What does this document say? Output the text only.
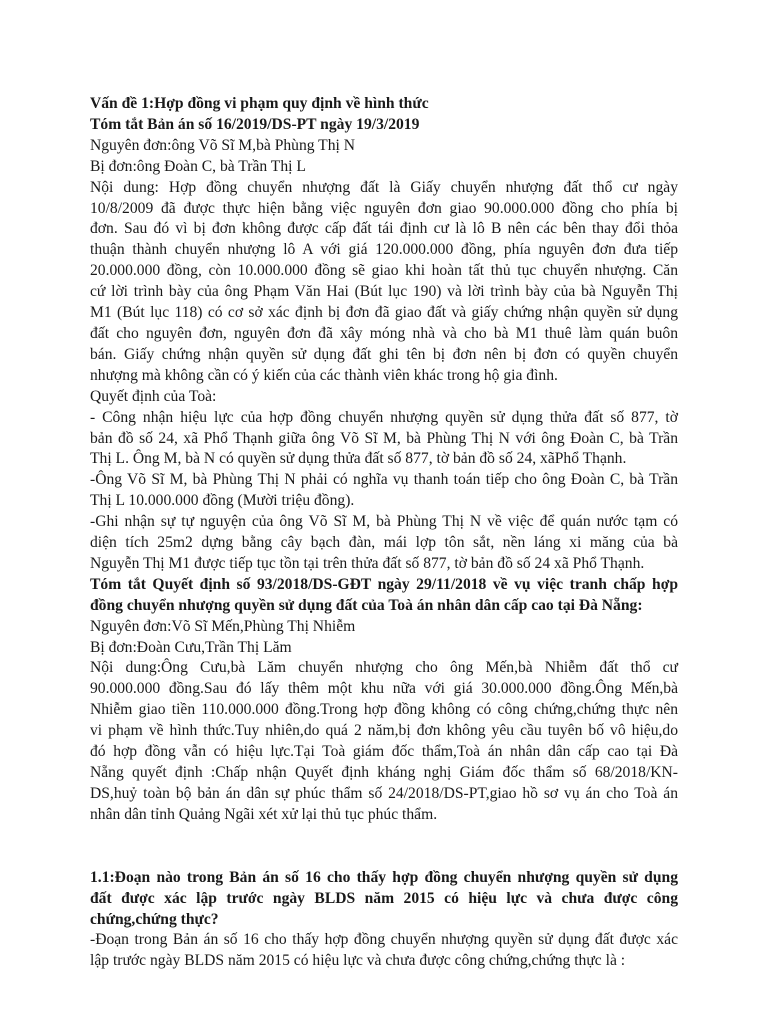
Vấn đề 1:Hợp đồng vi phạm quy định về hình thức
Tóm tắt Bản án số 16/2019/DS-PT ngày 19/3/2019
Nguyên đơn:ông Võ Sĩ M,bà Phùng Thị N
Bị đơn:ông Đoàn C, bà Trần Thị L
Nội dung: Hợp đồng chuyển nhượng đất là Giấy chuyển nhượng đất thổ cư ngày
10/8/2009 đã được thực hiện bằng việc nguyên đơn giao 90.000.000 đồng cho phía bị
đơn. Sau đó vì bị đơn không được cấp đất tái định cư là lô B nên các bên thay đổi thỏa
thuận thành chuyển nhượng lô A với giá 120.000.000 đồng, phía nguyên đơn đưa tiếp
20.000.000 đồng, còn 10.000.000 đồng sẽ giao khi hoàn tất thủ tục chuyển nhượng. Căn
cứ lời trình bày của ông Phạm Văn Hai (Bút lục 190) và lời trình bày của bà Nguyễn Thị
M1 (Bút lục 118) có cơ sở xác định bị đơn đã giao đất và giấy chứng nhận quyền sử dụng
đất cho nguyên đơn, nguyên đơn đã xây móng nhà và cho bà M1 thuê làm quán buôn
bán. Giấy chứng nhận quyền sử dụng đất ghi tên bị đơn nên bị đơn có quyền chuyển
nhượng mà không cần có ý kiến của các thành viên khác trong hộ gia đình.
Quyết định của Toà:
- Công nhận hiệu lực của hợp đồng chuyển nhượng quyền sử dụng thửa đất số 877, tờ
bản đồ số 24, xã Phổ Thạnh giữa ông Võ Sĩ M, bà Phùng Thị N với ông Đoàn C, bà Trần
Thị L. Ông M, bà N có quyền sử dụng thửa đất số 877, tờ bản đồ số 24, xãPhổ Thạnh.
-Ông Võ Sĩ M, bà Phùng Thị N phải có nghĩa vụ thanh toán tiếp cho ông Đoàn C, bà Trần
Thị L 10.000.000 đồng (Mười triệu đồng).
-Ghi nhận sự tự nguyện của ông Võ Sĩ M, bà Phùng Thị N về việc để quán nước tạm có
diện tích 25m2 dựng bằng cây bạch đàn, mái lợp tôn sắt, nền láng xi măng của bà
Nguyễn Thị M1 được tiếp tục tồn tại trên thửa đất số 877, tờ bản đồ số 24 xã Phổ Thạnh.
Tóm tắt Quyết định số 93/2018/DS-GĐT ngày 29/11/2018 về vụ việc tranh chấp hợp
đồng chuyển nhượng quyền sử dụng đất của Toà án nhân dân cấp cao tại Đà Nẵng:
Nguyên đơn:Võ Sĩ Mến,Phùng Thị Nhiễm
Bị đơn:Đoàn Cưu,Trần Thị Lăm
Nội dung:Ông Cưu,bà Lăm chuyển nhượng cho ông Mến,bà Nhiễm đất thổ cư
90.000.000 đồng.Sau đó lấy thêm một khu nữa với giá 30.000.000 đồng.Ông Mến,bà
Nhiễm giao tiền 110.000.000 đồng.Trong hợp đồng không có công chứng,chứng thực nên
vi phạm về hình thức.Tuy nhiên,do quá 2 năm,bị đơn không yêu cầu tuyên bố vô hiệu,do
đó hợp đồng vẫn có hiệu lực.Tại Toà giám đốc thẩm,Toà án nhân dân cấp cao tại Đà
Nẵng quyết định :Chấp nhận Quyết định kháng nghị Giám đốc thẩm số 68/2018/KN-
DS,huỷ toàn bộ bản án dân sự phúc thẩm số 24/2018/DS-PT,giao hồ sơ vụ án cho Toà án
nhân dân tỉnh Quảng Ngãi xét xử lại thủ tục phúc thẩm.
1.1:Đoạn nào trong Bản án số 16 cho thấy hợp đồng chuyển nhượng quyền sử dụng
đất được xác lập trước ngày BLDS năm 2015 có hiệu lực và chưa được công
chứng,chứng thực?
-Đoạn trong Bản án số 16 cho thấy hợp đồng chuyển nhượng quyền sử dụng đất được xác
lập trước ngày BLDS năm 2015 có hiệu lực và chưa được công chứng,chứng thực là :
